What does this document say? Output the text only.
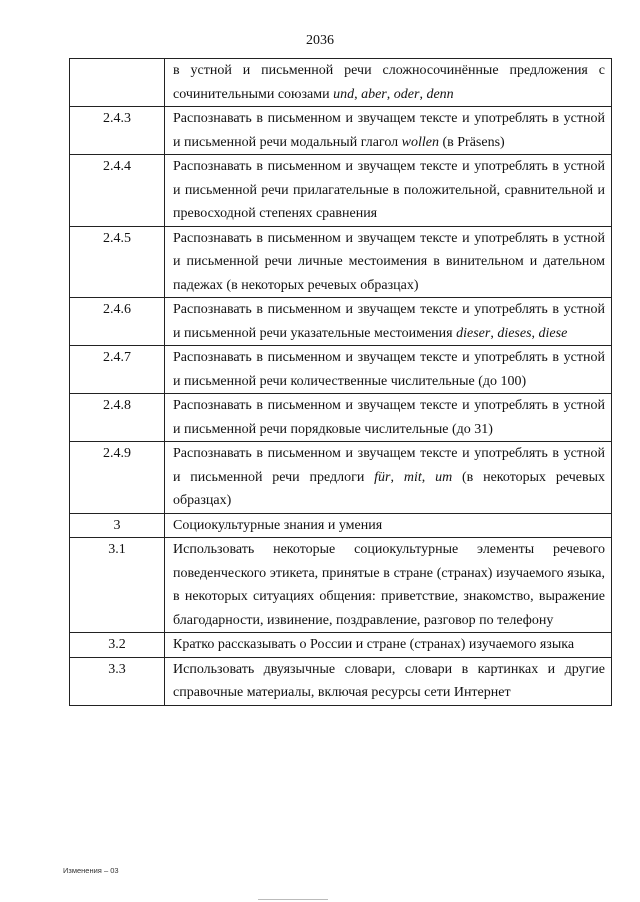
2036
	в устной и письменной речи сложносочинённые предложения с сочинительными союзами und, aber, oder, denn
2.4.3	Распознавать в письменном и звучащем тексте и употреблять в устной и письменной речи модальный глагол wollen (в Präsens)
2.4.4	Распознавать в письменном и звучащем тексте и употреблять в устной и письменной речи прилагательные в положительной, сравнительной и превосходной степенях сравнения
2.4.5	Распознавать в письменном и звучащем тексте и употреблять в устной и письменной речи личные местоимения в винительном и дательном падежах (в некоторых речевых образцах)
2.4.6	Распознавать в письменном и звучащем тексте и употреблять в устной и письменной речи указательные местоимения dieser, dieses, diese
2.4.7	Распознавать в письменном и звучащем тексте и употреблять в устной и письменной речи количественные числительные (до 100)
2.4.8	Распознавать в письменном и звучащем тексте и употреблять в устной и письменной речи порядковые числительные (до 31)
2.4.9	Распознавать в письменном и звучащем тексте и употреблять в устной и письменной речи предлоги für, mit, um (в некоторых речевых образцах)
3	Социокультурные знания и умения
3.1	Использовать некоторые социокультурные элементы речевого поведенческого этикета, принятые в стране (странах) изучаемого языка, в некоторых ситуациях общения: приветствие, знакомство, выражение благодарности, извинение, поздравление, разговор по телефону
3.2	Кратко рассказывать о России и стране (странах) изучаемого языка
3.3	Использовать двуязычные словари, словари в картинках и другие справочные материалы, включая ресурсы сети Интернет
Изменения – 03
